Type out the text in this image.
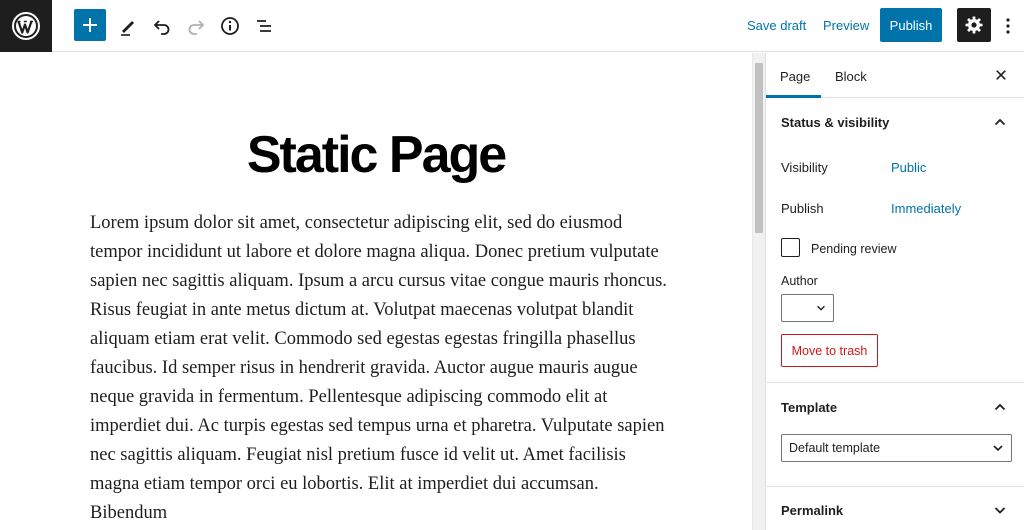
Save draft Preview	Publish
Static Page

Lorem ipsum dolor sit amet, consectetur adipiscing elit, sed do eiusmod tempor incididunt ut labore et dolore magna aliqua. Donec pretium vulputate sapien nec sagittis aliquam. Ipsum a arcu cursus vitae congue mauris rhoncus. Risus feugiat in ante metus dictum at. Volutpat maecenas volutpat blandit aliquam etiam erat velit. Commodo sed egestas egestas fringilla phasellus faucibus. Id semper risus in hendrerit gravida. Auctor augue mauris augue neque gravida in fermentum. Pellentesque adipiscing commodo elit at imperdiet dui. Ac turpis egestas sed tempus urna et pharetra. Vulputate sapien nec sagittis aliquam. Feugiat nisl pretium fusce id velit ut. Amet facilisis magna etiam tempor orci eu lobortis. Elit at imperdiet dui accumsan. Bibendum

Page Block
Status & visibility
Visibility	Public
Publish	Immediately
Pending review
Author
Move to trash
Template
Default template
Permalink
